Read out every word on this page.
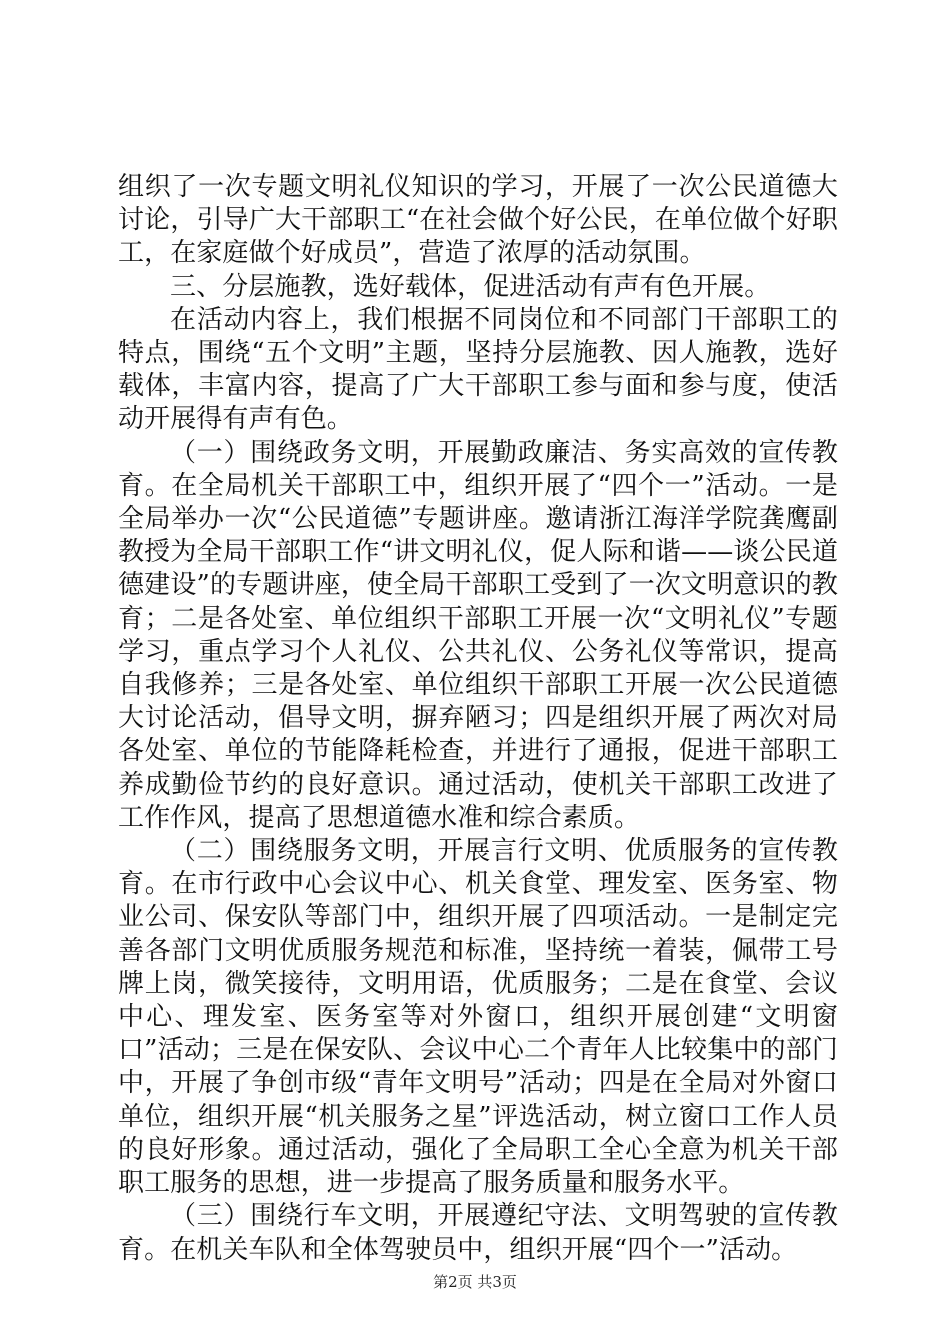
组织了一次专题文明礼仪知识的学习，开展了一次公民道德大讨论，引导广大干部职工“在社会做个好公民，在单位做个好职工，在家庭做个好成员”，营造了浓厚的活动氛围。

三、分层施教，选好载体，促进活动有声有色开展。

在活动内容上，我们根据不同岗位和不同部门干部职工的特点，围绕“五个文明”主题，坚持分层施教、因人施教，选好载体，丰富内容，提高了广大干部职工参与面和参与度，使活动开展得有声有色。

（一）围绕政务文明，开展勤政廉洁、务实高效的宣传教育。在全局机关干部职工中，组织开展了“四个一”活动。一是全局举办一次“公民道德”专题讲座。邀请浙江海洋学院龚鹰副教授为全局干部职工作“讲文明礼仪，促人际和谐——谈公民道德建设”的专题讲座，使全局干部职工受到了一次文明意识的教育；二是各处室、单位组织干部职工开展一次“文明礼仪”专题学习，重点学习个人礼仪、公共礼仪、公务礼仪等常识，提高自我修养；三是各处室、单位组织干部职工开展一次公民道德大讨论活动，倡导文明，摒弃陋习；四是组织开展了两次对局各处室、单位的节能降耗检查，并进行了通报，促进干部职工养成勤俭节约的良好意识。通过活动，使机关干部职工改进了工作作风，提高了思想道德水准和综合素质。

（二）围绕服务文明，开展言行文明、优质服务的宣传教育。在市行政中心会议中心、机关食堂、理发室、医务室、物业公司、保安队等部门中，组织开展了四项活动。一是制定完善各部门文明优质服务规范和标准，坚持统一着装，佩带工号牌上岗，微笑接待，文明用语，优质服务；二是在食堂、会议中心、理发室、医务室等对外窗口，组织开展创建“文明窗口”活动；三是在保安队、会议中心二个青年人比较集中的部门中，开展了争创市级“青年文明号”活动；四是在全局对外窗口单位，组织开展“机关服务之星”评选活动，树立窗口工作人员的良好形象。通过活动，强化了全局职工全心全意为机关干部职工服务的思想，进一步提高了服务质量和服务水平。

（三）围绕行车文明，开展遵纪守法、文明驾驶的宣传教育。在机关车队和全体驾驶员中，组织开展“四个一”活动。

第2页 共3页
